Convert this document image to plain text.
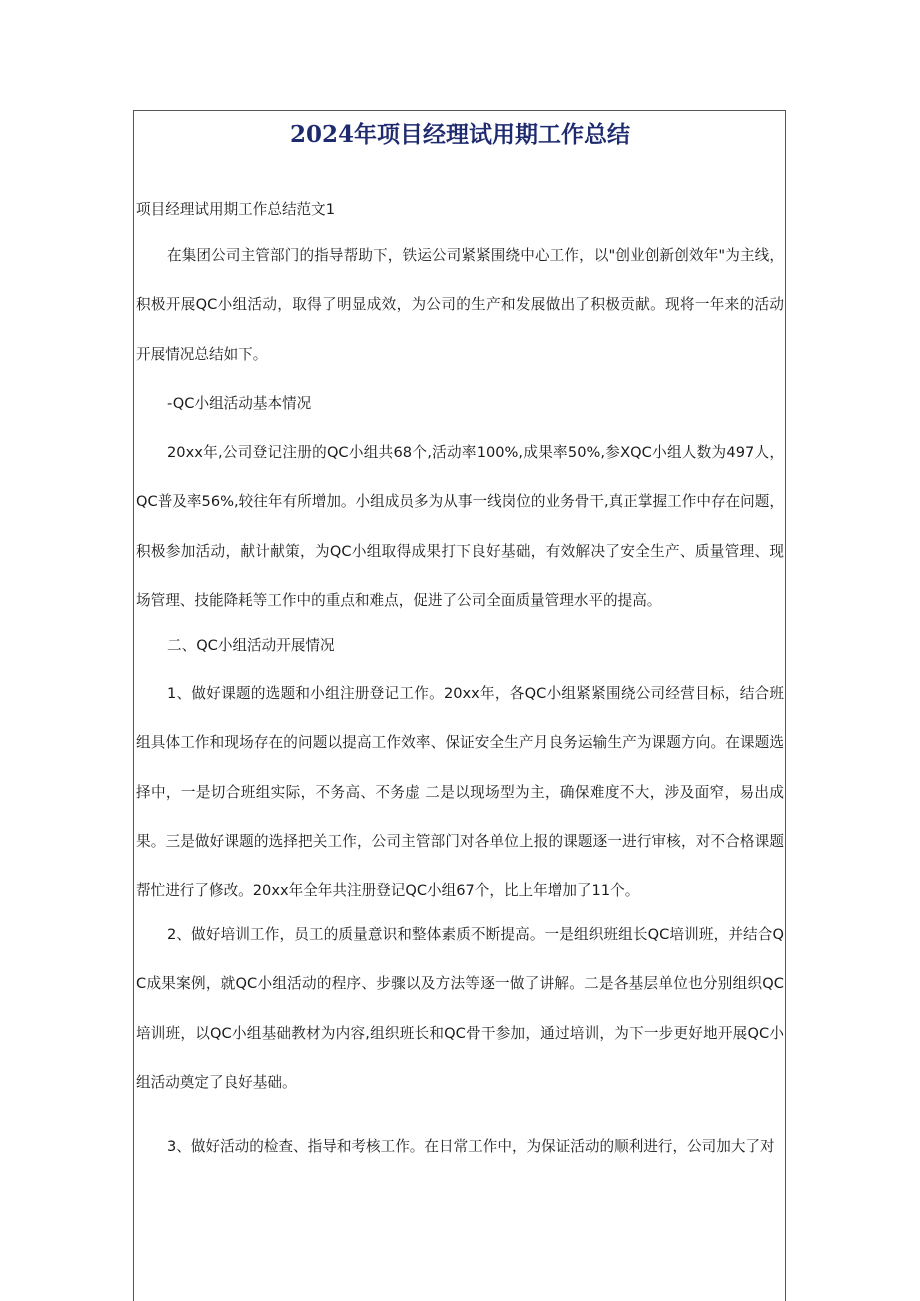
2024年项目经理试用期工作总结

项目经理试用期工作总结范文1

在集团公司主管部门的指导帮助下，铁运公司紧紧围绕中心工作，以"创业创新创效年"为主线，积极开展QC小组活动，取得了明显成效，为公司的生产和发展做出了积极贡献。现将一年来的活动开展情况总结如下。

-QC小组活动基本情况

20xx年,公司登记注册的QC小组共68个,活动率100%,成果率50%,参XQC小组人数为497人，QC普及率56%,较往年有所增加。小组成员多为从事一线岗位的业务骨干,真正掌握工作中存在问题，积极参加活动，献计献策，为QC小组取得成果打下良好基础，有效解决了安全生产、质量管理、现场管理、技能降耗等工作中的重点和难点，促进了公司全面质量管理水平的提高。

二、QC小组活动开展情况

1、做好课题的选题和小组注册登记工作。20xx年，各QC小组紧紧围绕公司经营目标，结合班组具体工作和现场存在的问题以提高工作效率、保证安全生产月良务运输生产为课题方向。在课题选择中，一是切合班组实际，不务高、不务虚 二是以现场型为主，确保难度不大，涉及面窄，易出成果。三是做好课题的选择把关工作，公司主管部门对各单位上报的课题逐一进行审核，对不合格课题帮忙进行了修改。20xx年全年共注册登记QC小组67个，比上年增加了11个。

2、做好培训工作，员工的质量意识和整体素质不断提高。一是组织班组长QC培训班，并结合QC成果案例，就QC小组活动的程序、步骤以及方法等逐一做了讲解。二是各基层单位也分别组织QC培训班，以QC小组基础教材为内容,组织班长和QC骨干参加，通过培训，为下一步更好地开展QC小组活动奠定了良好基础。

3、做好活动的检查、指导和考核工作。在日常工作中，为保证活动的顺利进行，公司加大了对
